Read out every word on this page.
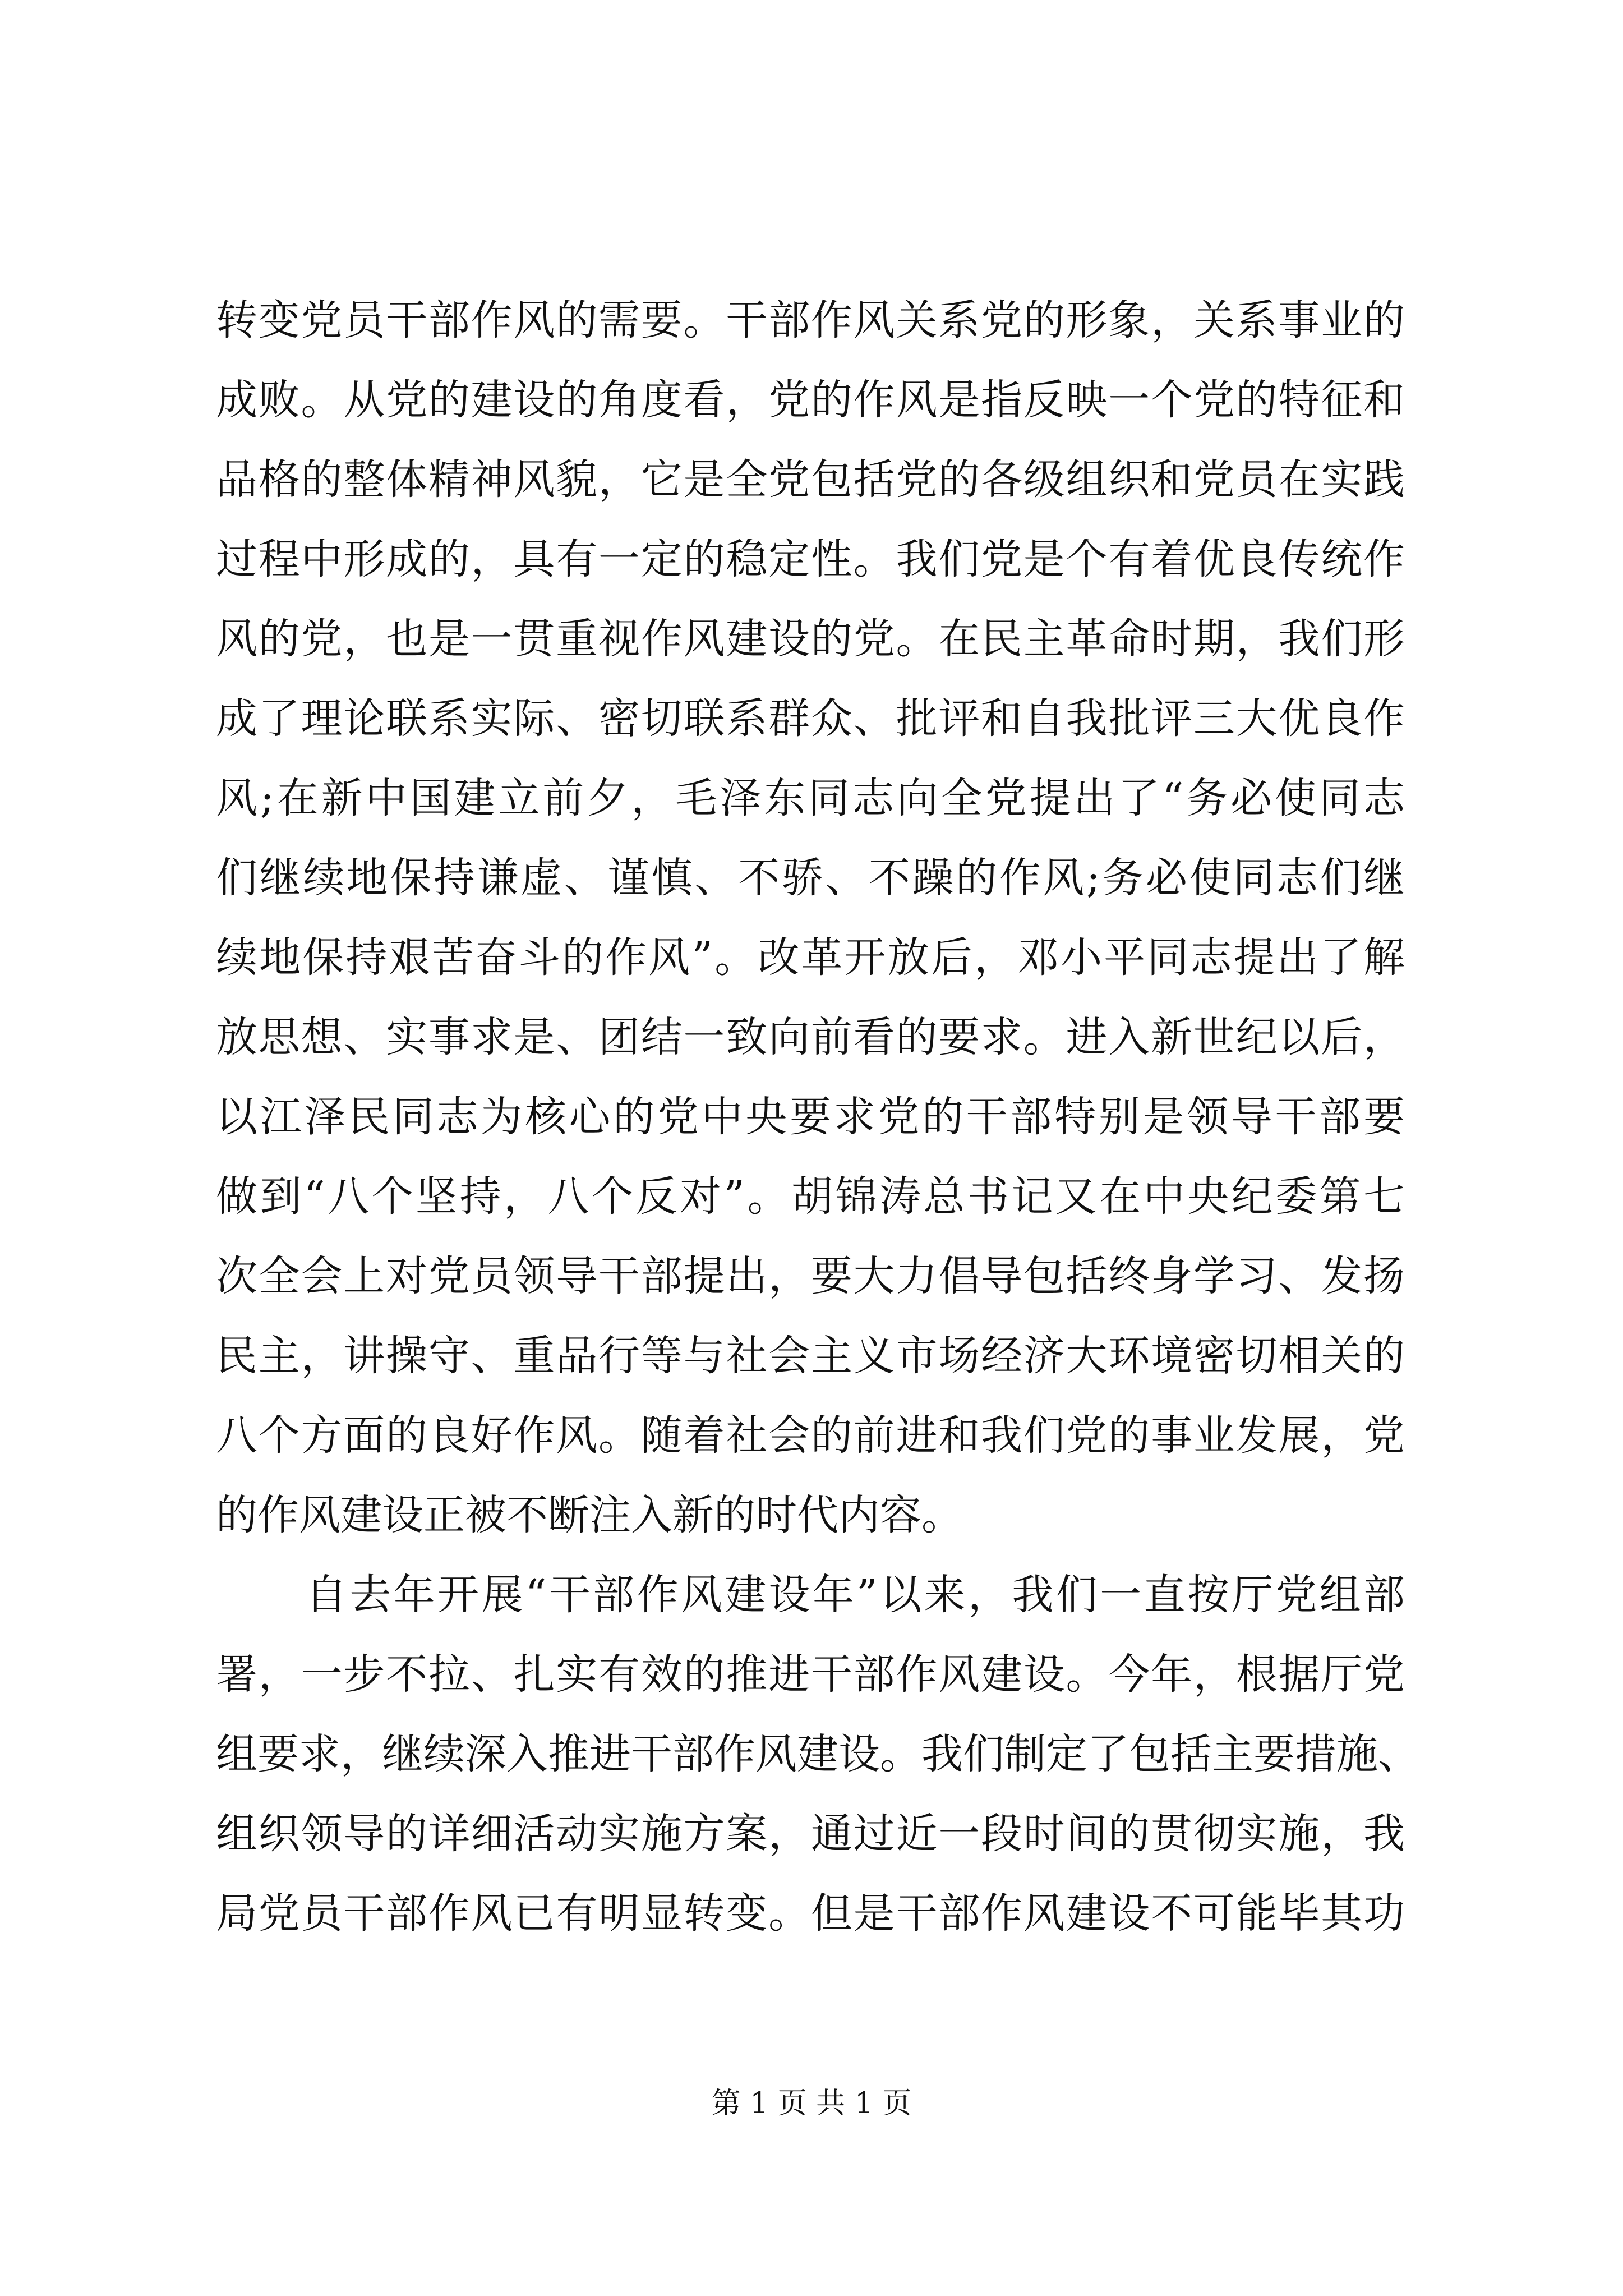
转变党员干部作风的需要。干部作风关系党的形象，关系事业的
成败。从党的建设的角度看，党的作风是指反映一个党的特征和
品格的整体精神风貌，它是全党包括党的各级组织和党员在实践
过程中形成的，具有一定的稳定性。我们党是个有着优良传统作
风的党，也是一贯重视作风建设的党。在民主革命时期，我们形
成了理论联系实际、密切联系群众、批评和自我批评三大优良作
风;在新中国建立前夕，毛泽东同志向全党提出了“务必使同志
们继续地保持谦虚、谨慎、不骄、不躁的作风;务必使同志们继
续地保持艰苦奋斗的作风”。改革开放后，邓小平同志提出了解
放思想、实事求是、团结一致向前看的要求。进入新世纪以后，
以江泽民同志为核心的党中央要求党的干部特别是领导干部要
做到“八个坚持，八个反对”。胡锦涛总书记又在中央纪委第七
次全会上对党员领导干部提出，要大力倡导包括终身学习、发扬
民主，讲操守、重品行等与社会主义市场经济大环境密切相关的
八个方面的良好作风。随着社会的前进和我们党的事业发展，党
的作风建设正被不断注入新的时代内容。
自去年开展“干部作风建设年”以来，我们一直按厅党组部
署，一步不拉、扎实有效的推进干部作风建设。今年，根据厅党
组要求，继续深入推进干部作风建设。我们制定了包括主要措施、
组织领导的详细活动实施方案，通过近一段时间的贯彻实施，我
局党员干部作风已有明显转变。但是干部作风建设不可能毕其功
第 1 页 共 1 页
